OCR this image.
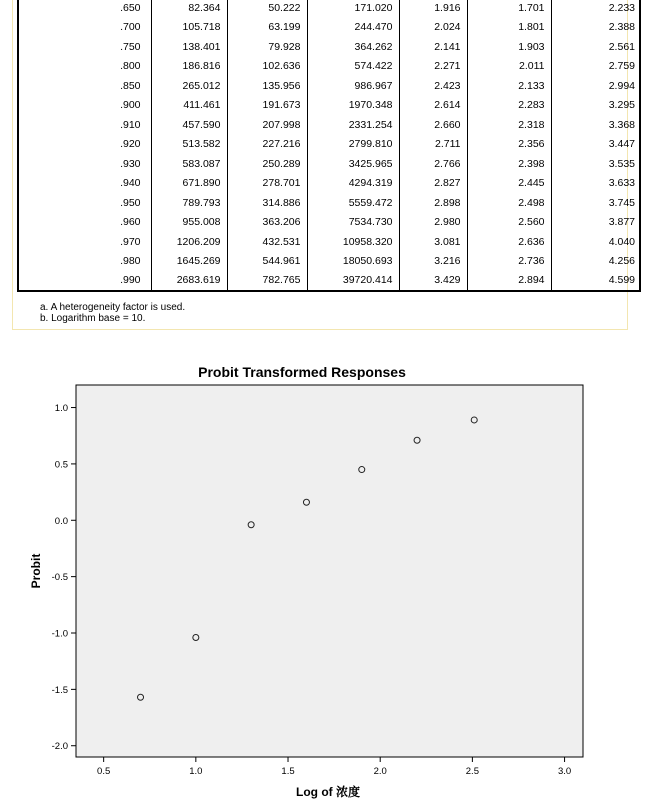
.650	82.364	50.222	171.020	1.916	1.701	2.233
.700	105.718	63.199	244.470	2.024	1.801	2.388
.750	138.401	79.928	364.262	2.141	1.903	2.561
.800	186.816	102.636	574.422	2.271	2.011	2.759
.850	265.012	135.956	986.967	2.423	2.133	2.994
.900	411.461	191.673	1970.348	2.614	2.283	3.295
.910	457.590	207.998	2331.254	2.660	2.318	3.368
.920	513.582	227.216	2799.810	2.711	2.356	3.447
.930	583.087	250.289	3425.965	2.766	2.398	3.535
.940	671.890	278.701	4294.319	2.827	2.445	3.633
.950	789.793	314.886	5559.472	2.898	2.498	3.745
.960	955.008	363.206	7534.730	2.980	2.560	3.877
.970	1206.209	432.531	10958.320	3.081	2.636	4.040
.980	1645.269	544.961	18050.693	3.216	2.736	4.256
.990	2683.619	782.765	39720.414	3.429	2.894	4.599
a. A heterogeneity factor is used.
b. Logarithm base = 10.
Probit Transformed Responses
0.5	1.0	1.5	2.0	2.5	3.0
-2.0
-1.5
-1.0
-0.5
0.0
0.5
1.0
Log of 浓度
Probit
